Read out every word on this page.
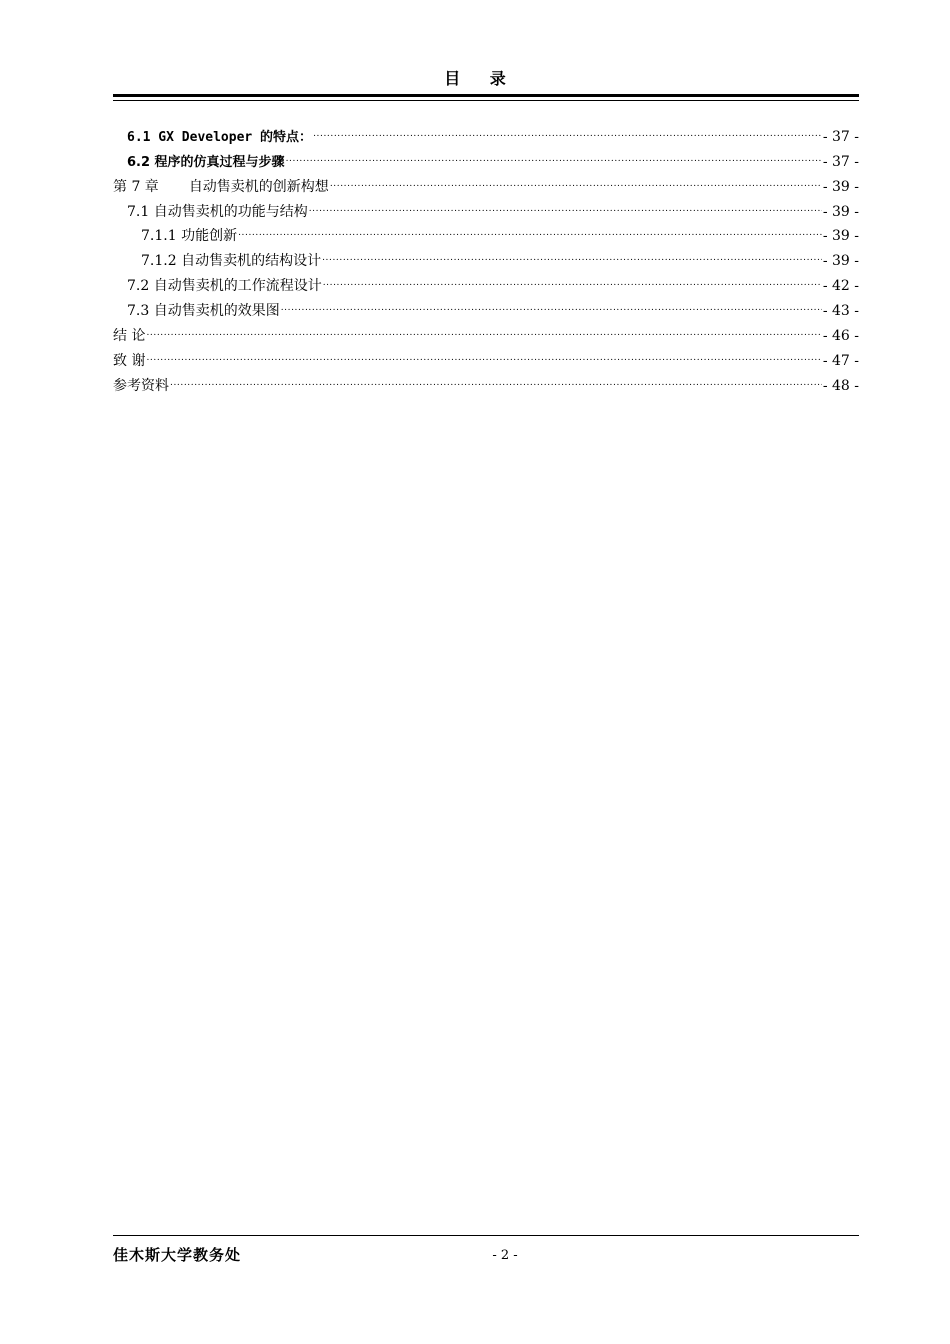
目 录
6.1 GX Developer 的特点： .....	- 37 -
6.2 程序的仿真过程与步骤 .....	- 37 -
第 7 章 自动售卖机的创新构想 .....	- 39 -
7.1 自动售卖机的功能与结构 .....	- 39 -
7.1.1 功能创新 .....	- 39 -
7.1.2 自动售卖机的结构设计 .....	- 39 -
7.2 自动售卖机的工作流程设计 .....	- 42 -
7.3 自动售卖机的效果图 .....	- 43 -
结 论 .....	- 46 -
致 谢 .....	- 47 -
参考资料 .....	- 48 -
佳木斯大学教务处	- 2 -
